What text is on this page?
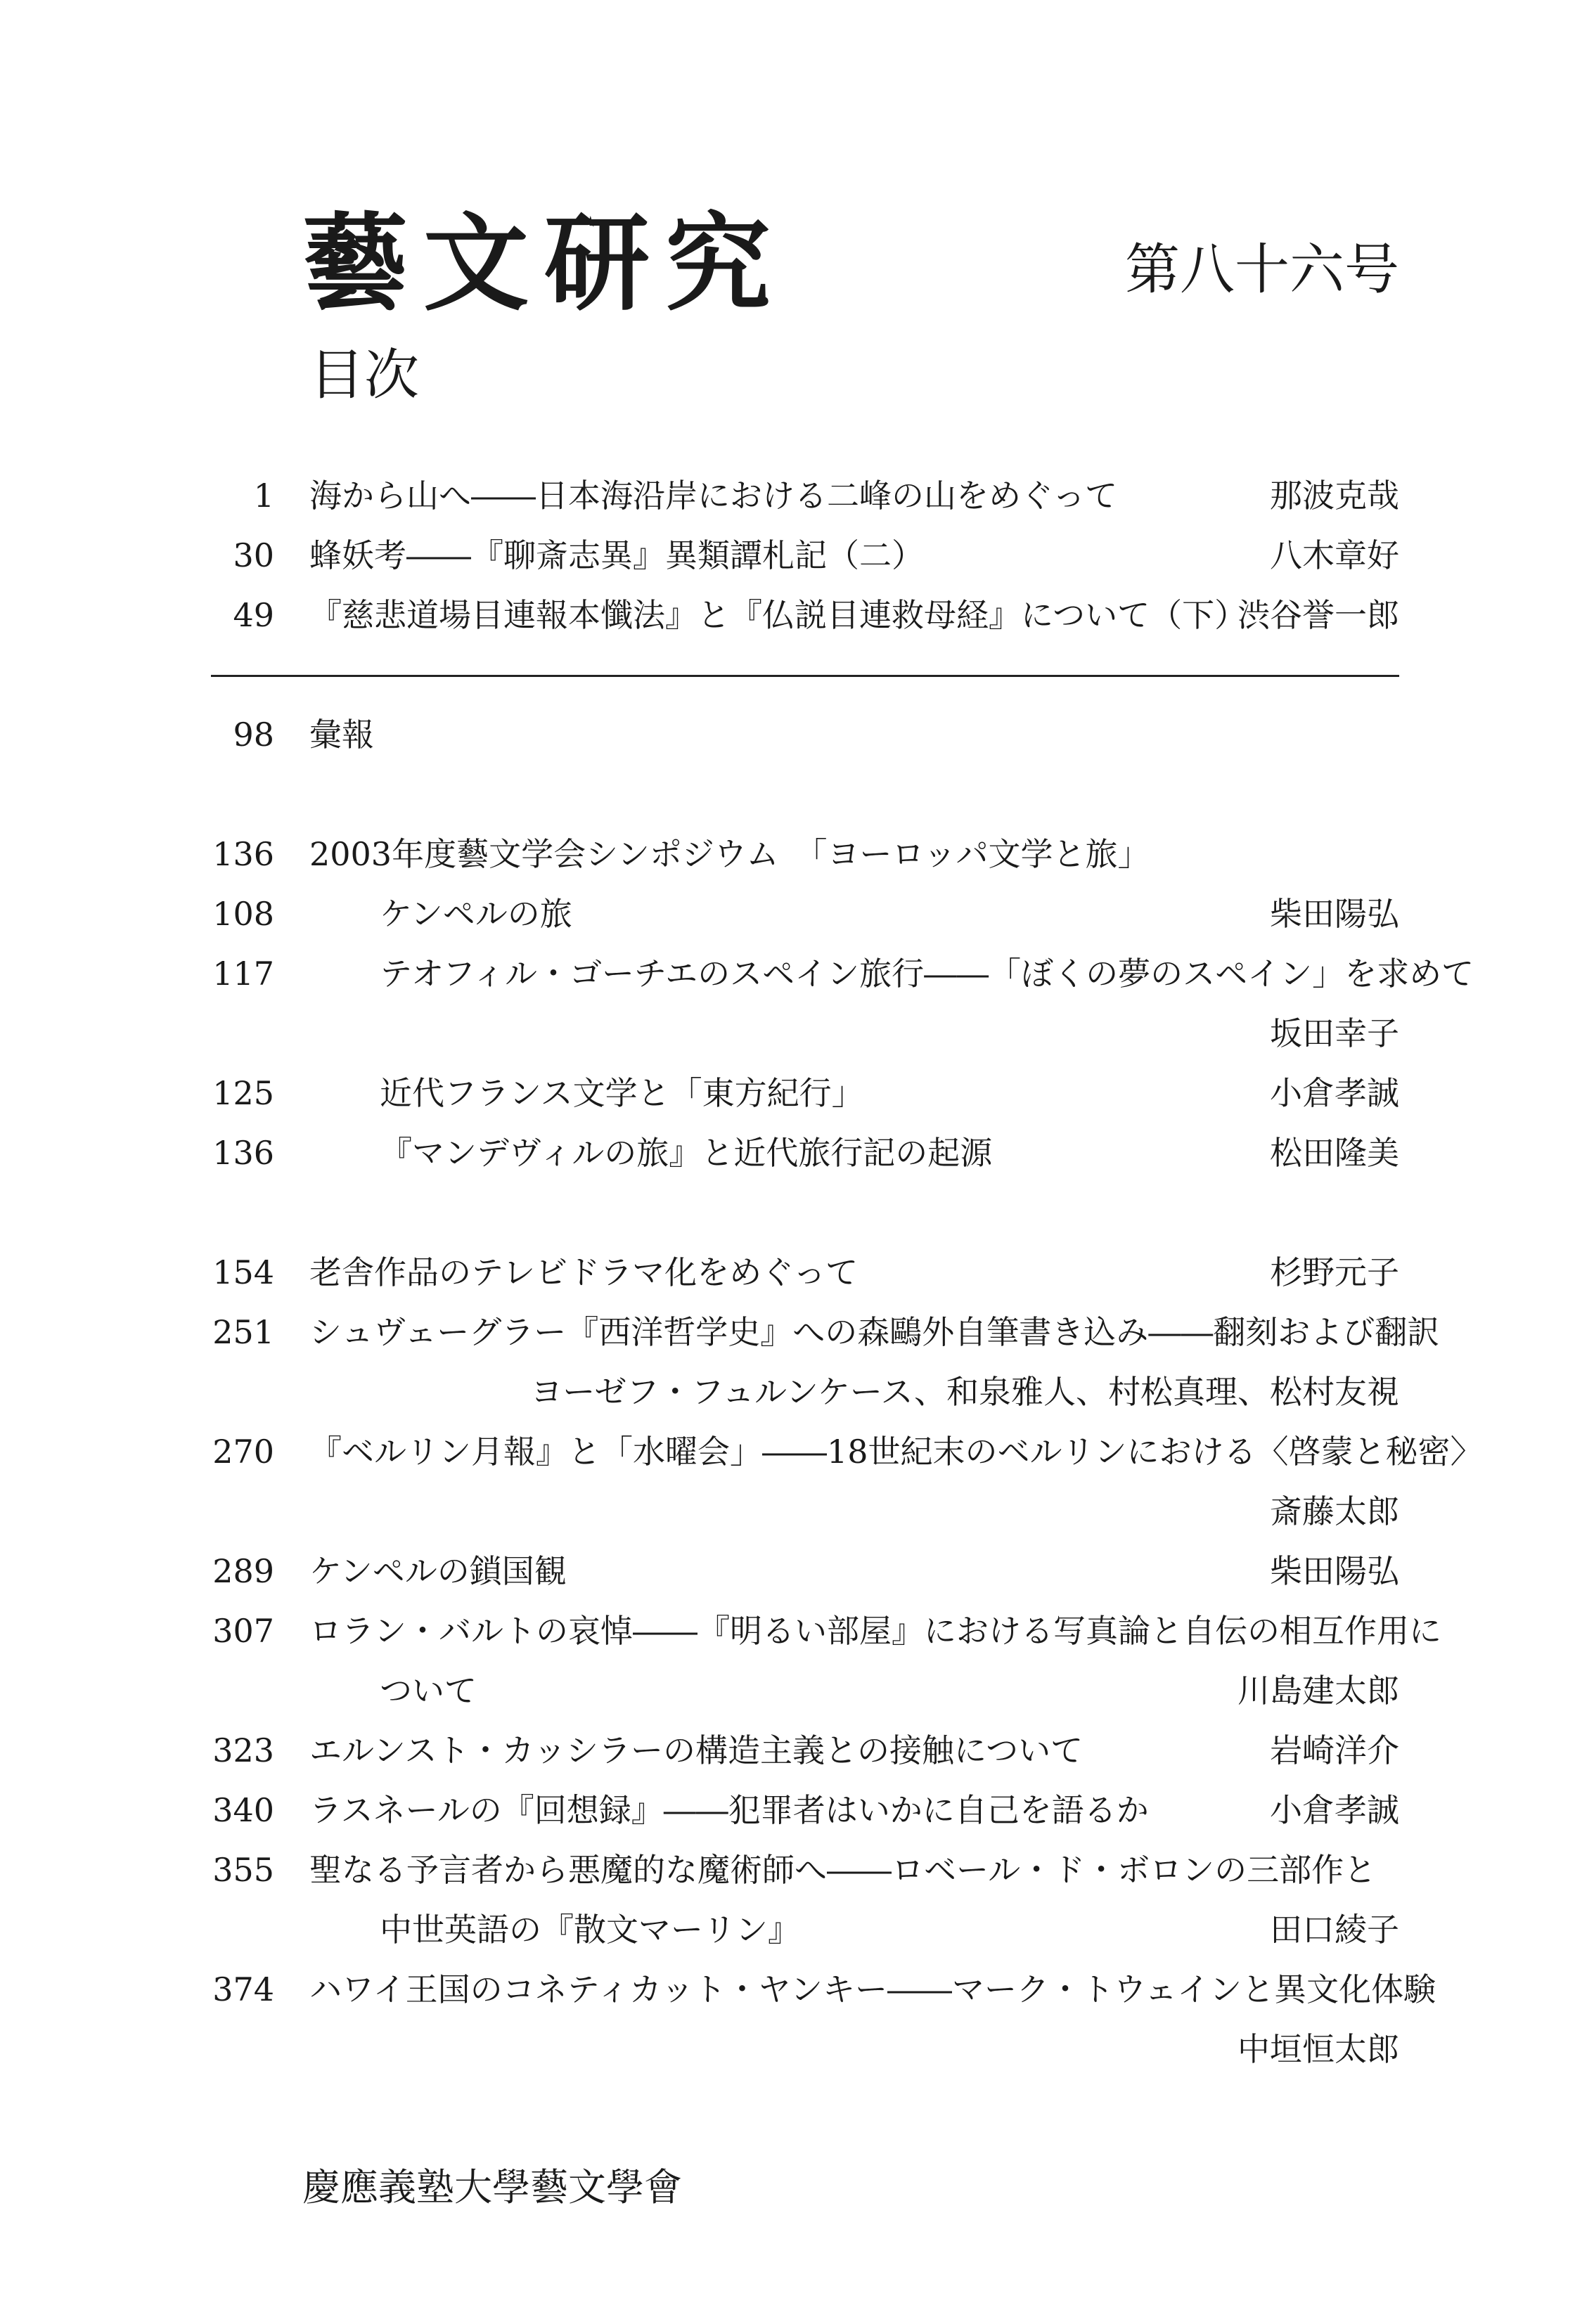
藝文研究	第八十六号
目次
1 海から山へ――日本海沿岸における二峰の山をめぐって	那波克哉
30 蜂妖考――『聊斎志異』異類譚札記（二）	八木章好
49 『慈悲道場目連報本懺法』と『仏説目連救母経』について（下）
渋谷誉一郎
98 彙報
136 2003年度藝文学会シンポジウム　「ヨーロッパ文学と旅」
108	ケンペルの旅	柴田陽弘
117	テオフィル・ゴーチエのスペイン旅行――「ぼくの夢のスペイン」を求めて
坂田幸子
125	近代フランス文学と「東方紀行」	小倉孝誠
136	『マンデヴィルの旅』と近代旅行記の起源	松田隆美
154 老舎作品のテレビドラマ化をめぐって	杉野元子
251 シュヴェーグラー『西洋哲学史』への森鷗外自筆書き込み――翻刻および翻訳
ヨーゼフ・フュルンケース、和泉雅人、村松真理、松村友視
270 『ベルリン月報』と「水曜会」――18世紀末のベルリンにおける〈啓蒙と秘密〉
斎藤太郎
289 ケンペルの鎖国観	柴田陽弘
307 ロラン・バルトの哀悼――『明るい部屋』における写真論と自伝の相互作用に
ついて	川島建太郎
323 エルンスト・カッシラーの構造主義との接触について	岩崎洋介
340 ラスネールの『回想録』――犯罪者はいかに自己を語るか	小倉孝誠
355 聖なる予言者から悪魔的な魔術師へ――ロベール・ド・ボロンの三部作と
中世英語の『散文マーリン』	田口綾子
374 ハワイ王国のコネティカット・ヤンキー――マーク・トウェインと異文化体験
中垣恒太郎
慶應義塾大學藝文學會
